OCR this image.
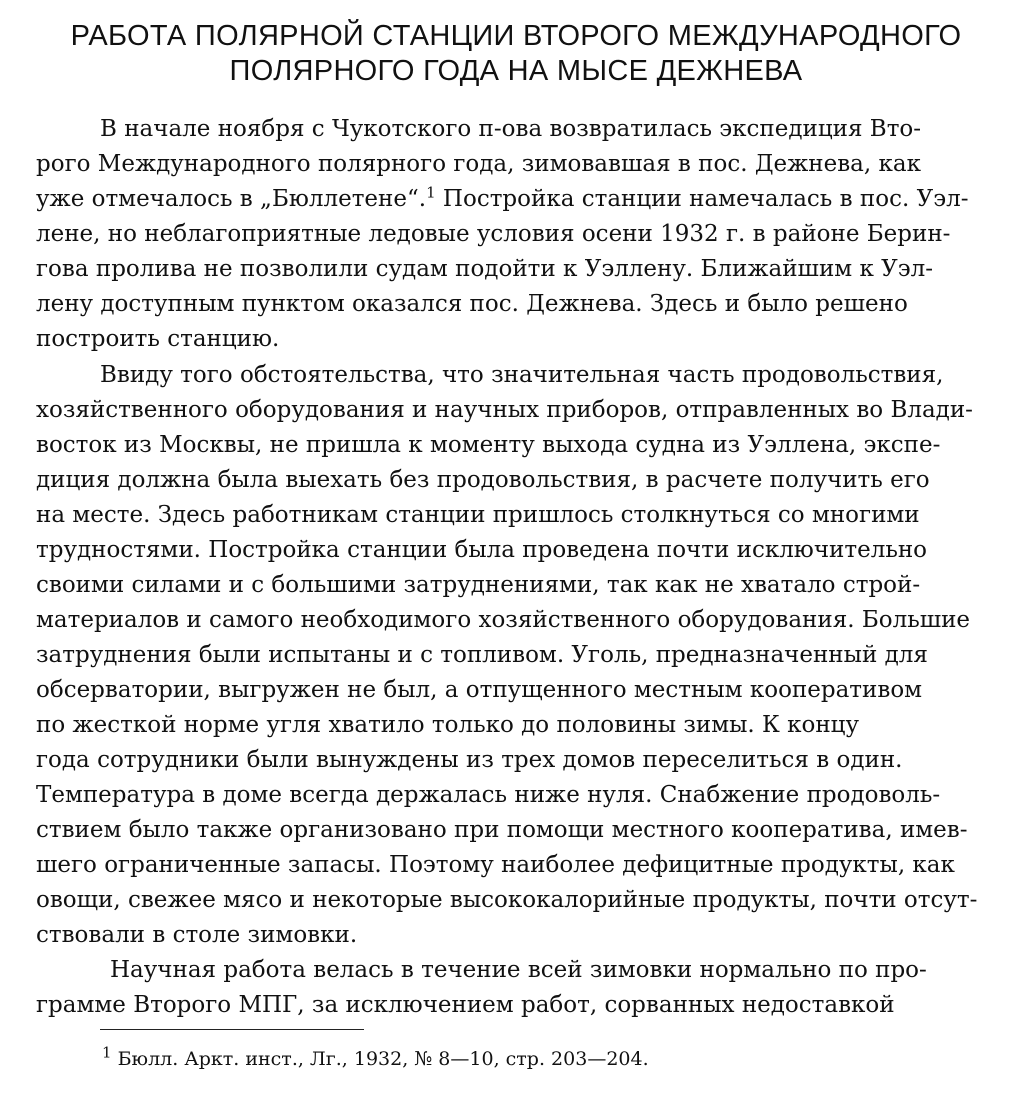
РАБОТА ПОЛЯРНОЙ СТАНЦИИ ВТОРОГО МЕЖДУНАРОДНОГО
ПОЛЯРНОГО ГОДА НА МЫСЕ ДЕЖНЕВА
В начале ноября с Чукотского п-ова возвратилась экспедиция Вто-
рого Международного полярного года, зимовавшая в пос. Дежнева, как
уже отмечалось в „Бюллетене“.$^1$ Постройка станции намечалась в пос. Уэл-
лене, но неблагоприятные ледовые условия осени 1932 г. в районе Берин-
гова пролива не позволили судам подойти к Уэллену. Ближайшим к Уэл-
лену доступным пунктом оказался пос. Дежнева. Здесь и было решено
построить станцию.
Ввиду того обстоятельства, что значительная часть продовольствия,
хозяйственного оборудования и научных приборов, отправленных во Влади-
восток из Москвы, не пришла к моменту выхода судна из Уэллена, экспе-
диция должна была выехать без продовольствия, в расчете получить его
на месте. Здесь работникам станции пришлось столкнуться со многими
трудностями. Постройка станции была проведена почти исключительно
своими силами и с большими затруднениями, так как не хватало строй-
материалов и самого необходимого хозяйственного оборудования. Большие
затруднения были испытаны и с топливом. Уголь, предназначенный для
обсерватории, выгружен не был, а отпущенного местным кооперативом
по жесткой норме угля хватило только до половины зимы. К концу
года сотрудники были вынуждены из трех домов переселиться в один.
Температура в доме всегда держалась ниже нуля. Снабжение продоволь-
ствием было также организовано при помощи местного кооператива, имев-
шего ограниченные запасы. Поэтому наиболее дефицитные продукты, как
овощи, свежее мясо и некоторые высококалорийные продукты, почти отсут-
ствовали в столе зимовки.
Научная работа велась в течение всей зимовки нормально по про-
грамме Второго МПГ, за исключением работ, сорванных недоставкой
$^1$ Бюлл. Аркт. инст., Лг., 1932, № 8—10, стр. 203—204.
